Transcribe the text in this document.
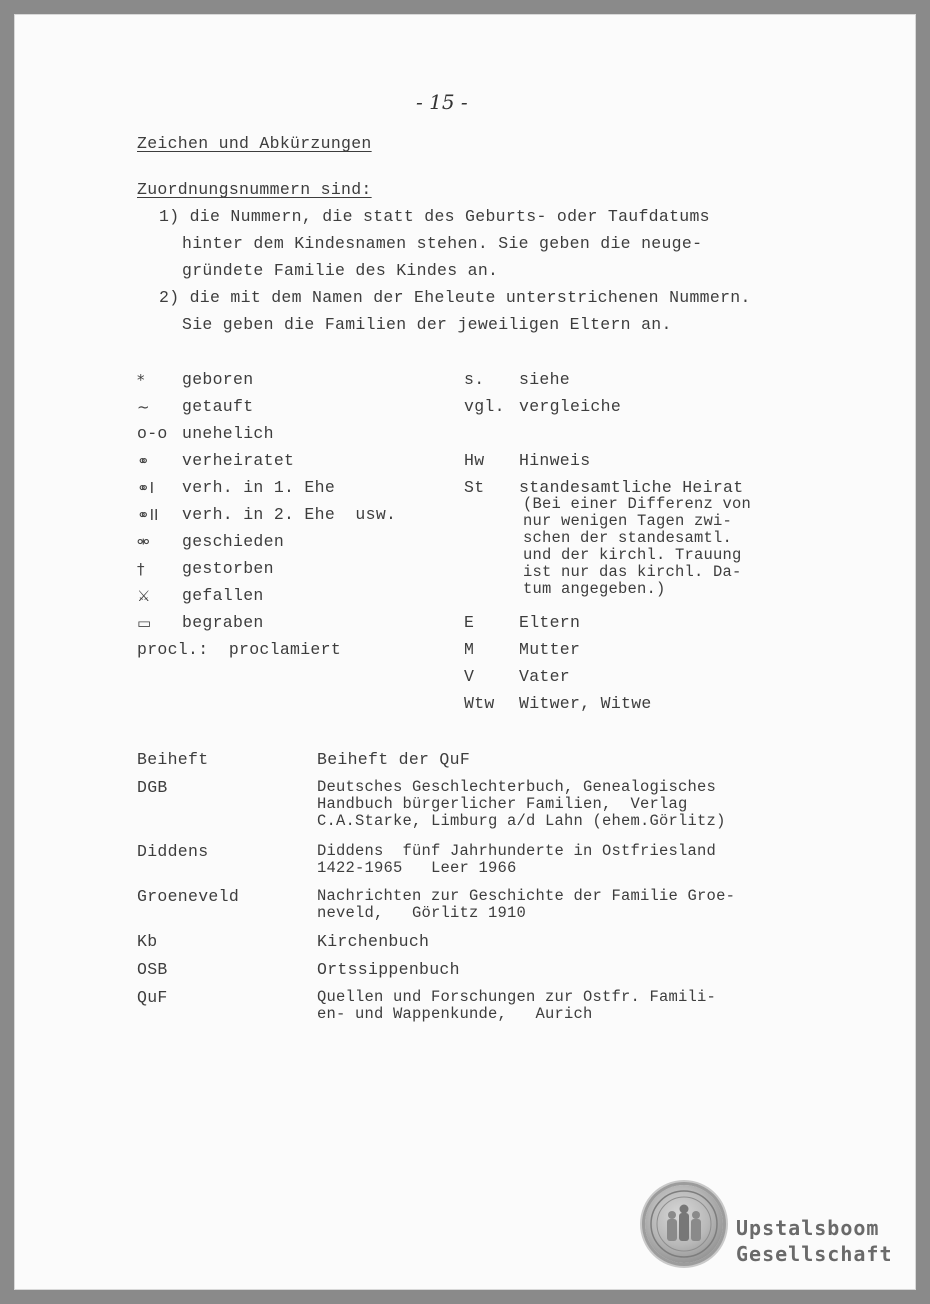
- 15 -
Zeichen und Abkürzungen
Zuordnungsnummern sind:
1) die Nummern, die statt des Geburts- oder Taufdatums
hinter dem Kindesnamen stehen. Sie geben die neuge-
gründete Familie des Kindes an.
2) die mit dem Namen der Eheleute unterstrichenen Nummern.
Sie geben die Familien der jeweiligen Eltern an.
* geboren
~ getauft
o-o unehelich
⚭ verheiratet
⚭I verh. in 1. Ehe
⚭II verh. in 2. Ehe  usw.
⚮ geschieden
† gestorben
⚔ gefallen
▭ begraben
procl.:  proclamiert
s. siehe
vgl. vergleiche
Hw Hinweis
St standesamtliche Heirat
(Bei einer Differenz von
nur wenigen Tagen zwi-
schen der standesamtl.
und der kirchl. Trauung
ist nur das kirchl. Da-
tum angegeben.)
E	Eltern
M	Mutter
V	Vater
Wtw Witwer, Witwe
Beiheft	Beiheft der QuF
DGB	Deutsches Geschlechterbuch, Genealogisches
Handbuch bürgerlicher Familien,  Verlag
C.A.Starke, Limburg a/d Lahn (ehem.Görlitz)
Diddens	Diddens  fünf Jahrhunderte in Ostfriesland
1422-1965   Leer 1966
Groeneveld	Nachrichten zur Geschichte der Familie Groe-
neveld,   Görlitz 1910
Kb	Kirchenbuch
OSB	Ortssippenbuch
QuF	Quellen und Forschungen zur Ostfr. Famili-
en- und Wappenkunde,   Aurich
Upstalsboom
Gesellschaft
